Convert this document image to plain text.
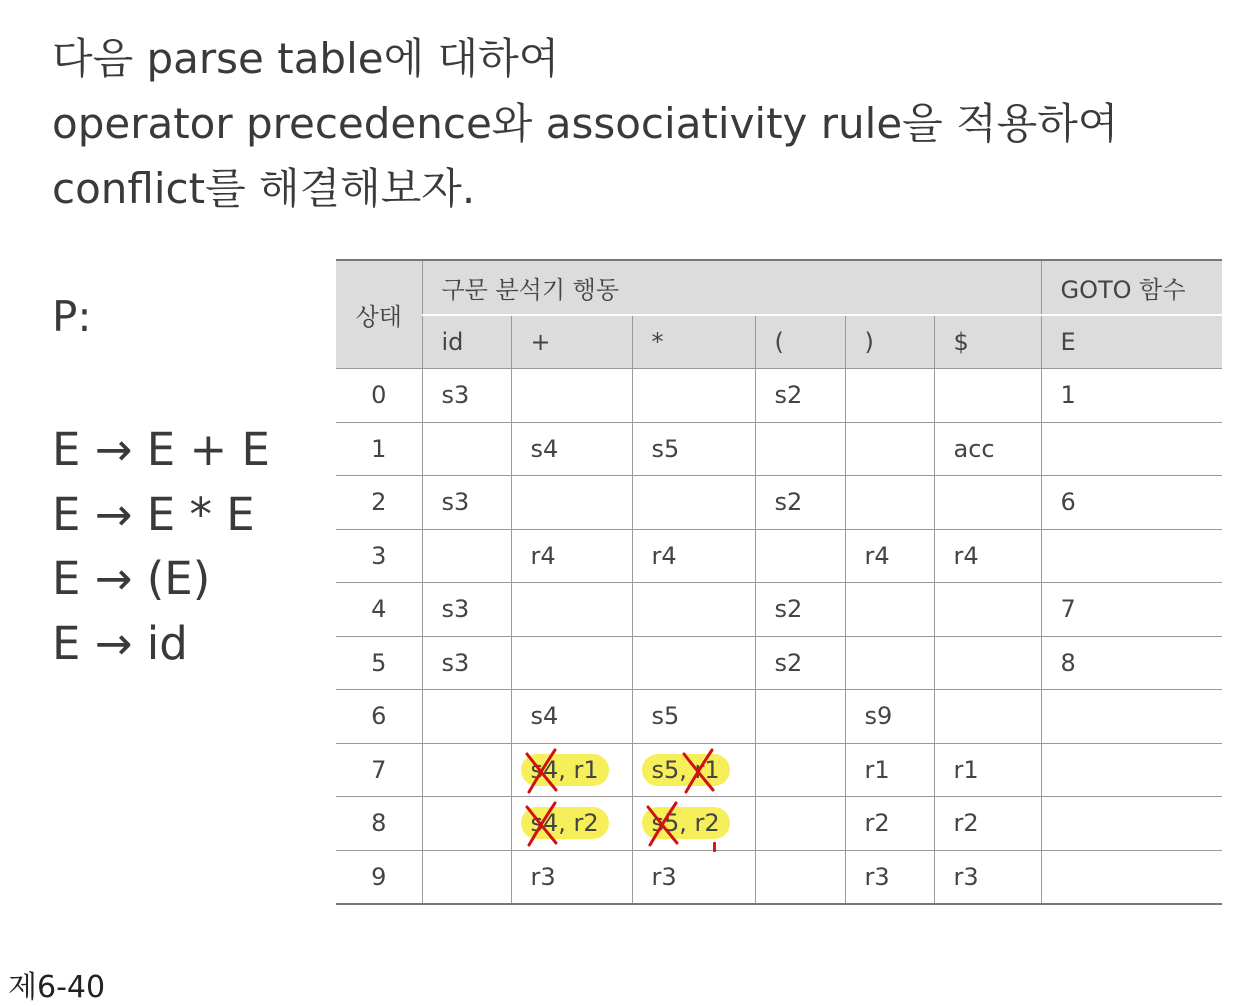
다음 parse table에 대하여
operator precedence와 associativity rule을 적용하여
conflict를 해결해보자.
P:
E → E + E
E → E * E
E → (E)
E → id
상태	구문 분석기 행동						GOTO 함수
	id	+	*	(	)	$	E
0	s3			s2			1
1		s4	s5			acc	
2	s3			s2			6
3		r4	r4		r4	r4	
4	s3			s2			7
5	s3			s2			8
6		s4	s5		s9		
7		s4, r1	s5, r1		r1	r1	
8		s4, r2	s5, r2		r2	r2	
9		r3	r3		r3	r3	
제6-40
